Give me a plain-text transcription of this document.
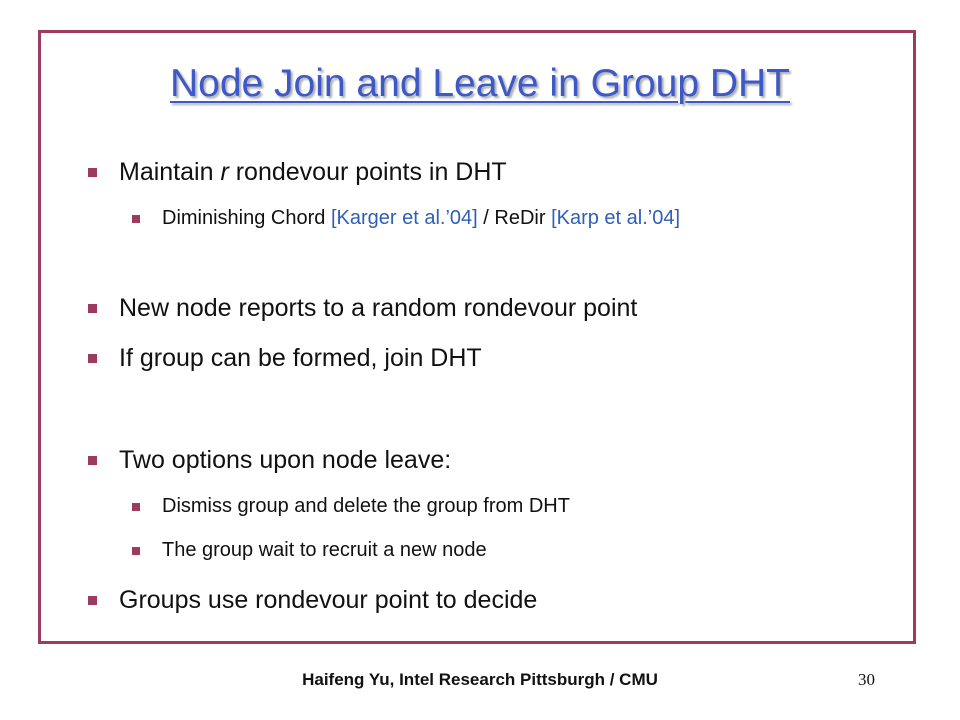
Node Join and Leave in Group DHT
Maintain r rondevour points in DHT
Diminishing Chord [Karger et al.’04] / ReDir [Karp et al.’04]
New node reports to a random rondevour point
If group can be formed, join DHT
Two options upon node leave:
Dismiss group and delete the group from DHT
The group wait to recruit a new node
Groups use rondevour point to decide
Haifeng Yu, Intel Research Pittsburgh / CMU	30
